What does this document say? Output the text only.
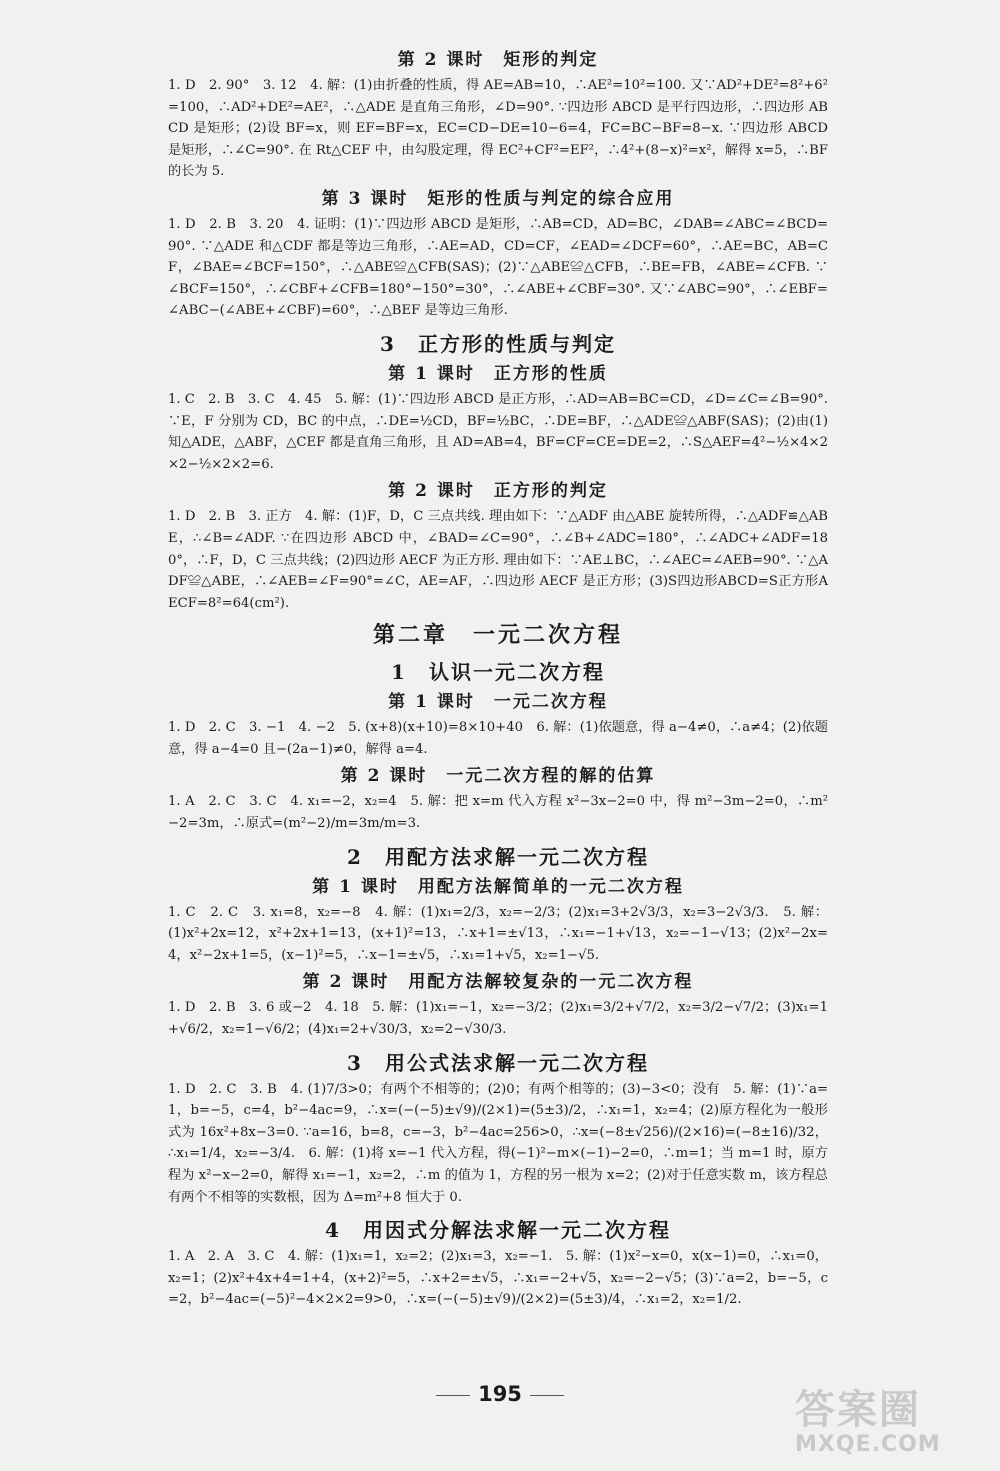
第 2 课时　矩形的判定

1. D　2. 90°　3. 12　4. 解：(1)由折叠的性质，得 AE=AB=10，∴AE²=10²=100. 又∵AD²+DE²=8²+6²=100，∴AD²+DE²=AE²，∴△ADE 是直角三角形，∠D=90°. ∵四边形 ABCD 是平行四边形，∴四边形 ABCD 是矩形；(2)设 BF=x，则 EF=BF=x，EC=CD−DE=10−6=4，FC=BC−BF=8−x. ∵四边形 ABCD 是矩形，∴∠C=90°. 在 Rt△CEF 中，由勾股定理，得 EC²+CF²=EF²，∴4²+(8−x)²=x²，解得 x=5，∴BF 的长为 5.

第 3 课时　矩形的性质与判定的综合应用

1. D　2. B　3. 20　4. 证明：(1)∵四边形 ABCD 是矩形，∴AB=CD，AD=BC，∠DAB=∠ABC=∠BCD=90°. ∵△ADE 和△CDF 都是等边三角形，∴AE=AD，CD=CF，∠EAD=∠DCF=60°，∴AE=BC，AB=CF，∠BAE=∠BCF=150°，∴△ABE≌△CFB(SAS)；(2)∵△ABE≌△CFB，∴BE=FB，∠ABE=∠CFB. ∵∠BCF=150°，∴∠CBF+∠CFB=180°−150°=30°，∴∠ABE+∠CBF=30°. 又∵∠ABC=90°，∴∠EBF=∠ABC−(∠ABE+∠CBF)=60°，∴△BEF 是等边三角形.

3　正方形的性质与判定
第 1 课时　正方形的性质

1. C　2. B　3. C　4. 45　5. 解：(1)∵四边形 ABCD 是正方形，∴AD=AB=BC=CD，∠D=∠C=∠B=90°. ∵E，F 分别为 CD，BC 的中点，∴DE=½CD，BF=½BC，∴DE=BF，∴△ADE≌△ABF(SAS)；(2)由(1)知△ADE，△ABF，△CEF 都是直角三角形，且 AD=AB=4，BF=CF=CE=DE=2，∴S△AEF=4²−½×4×2×2−½×2×2=6.

第 2 课时　正方形的判定

1. D　2. B　3. 正方　4. 解：(1)F，D，C 三点共线. 理由如下：∵△ADF 由△ABE 旋转所得，∴△ADF≌△ABE，∴∠B=∠ADF. ∵在四边形 ABCD 中，∠BAD=∠C=90°，∴∠B+∠ADC=180°，∴∠ADC+∠ADF=180°，∴F，D，C 三点共线；(2)四边形 AECF 为正方形. 理由如下：∵AE⊥BC，∴∠AEC=∠AEB=90°. ∵△ADF≌△ABE，∴∠AEB=∠F=90°=∠C，AE=AF，∴四边形 AECF 是正方形；(3)S四边形ABCD=S正方形AECF=8²=64(cm²).

第二章　一元二次方程
1　认识一元二次方程
第 1 课时　一元二次方程

1. D　2. C　3. −1　4. −2　5. (x+8)(x+10)=8×10+40　6. 解：(1)依题意，得 a−4≠0，∴a≠4；(2)依题意，得 a−4=0 且−(2a−1)≠0，解得 a=4.

第 2 课时　一元二次方程的解的估算

1. A　2. C　3. C　4. x₁=−2，x₂=4　5. 解：把 x=m 代入方程 x²−3x−2=0 中，得 m²−3m−2=0，∴m²−2=3m，∴原式=(m²−2)/m=3m/m=3.

2　用配方法求解一元二次方程
第 1 课时　用配方法解简单的一元二次方程

1. C　2. C　3. x₁=8，x₂=−8　4. 解：(1)x₁=2/3，x₂=−2/3；(2)x₁=3+2√3/3，x₂=3−2√3/3.　5. 解：(1)x²+2x=12，x²+2x+1=13，(x+1)²=13，∴x+1=±√13，∴x₁=−1+√13，x₂=−1−√13；(2)x²−2x=4，x²−2x+1=5，(x−1)²=5，∴x−1=±√5，∴x₁=1+√5，x₂=1−√5.

第 2 课时　用配方法解较复杂的一元二次方程

1. D　2. B　3. 6 或−2　4. 18　5. 解：(1)x₁=−1，x₂=−3/2；(2)x₁=3/2+√7/2，x₂=3/2−√7/2；(3)x₁=1+√6/2，x₂=1−√6/2；(4)x₁=2+√30/3，x₂=2−√30/3.

3　用公式法求解一元二次方程

1. D　2. C　3. B　4. (1)7/3>0；有两个不相等的；(2)0；有两个相等的；(3)−3<0；没有　5. 解：(1)∵a=1，b=−5，c=4，b²−4ac=9，∴x=(−(−5)±√9)/(2×1)=(5±3)/2，∴x₁=1，x₂=4；(2)原方程化为一般形式为 16x²+8x−3=0. ∵a=16，b=8，c=−3，b²−4ac=256>0，∴x=(−8±√256)/(2×16)=(−8±16)/32，∴x₁=1/4，x₂=−3/4.　6. 解：(1)将 x=−1 代入方程，得(−1)²−m×(−1)−2=0，∴m=1；当 m=1 时，原方程为 x²−x−2=0，解得 x₁=−1，x₂=2，∴m 的值为 1，方程的另一根为 x=2；(2)对于任意实数 m，该方程总有两个不相等的实数根，因为 Δ=m²+8 恒大于 0.

4　用因式分解法求解一元二次方程

1. A　2. A　3. C　4. 解：(1)x₁=1，x₂=2；(2)x₁=3，x₂=−1.　5. 解：(1)x²−x=0，x(x−1)=0，∴x₁=0，x₂=1；(2)x²+4x+4=1+4，(x+2)²=5，∴x+2=±√5，∴x₁=−2+√5，x₂=−2−√5；(3)∵a=2，b=−5，c=2，b²−4ac=(−5)²−4×2×2=9>0，∴x=(−(−5)±√9)/(2×2)=(5±3)/4，∴x₁=2，x₂=1/2.

195	答案圈
MXQE.COM
